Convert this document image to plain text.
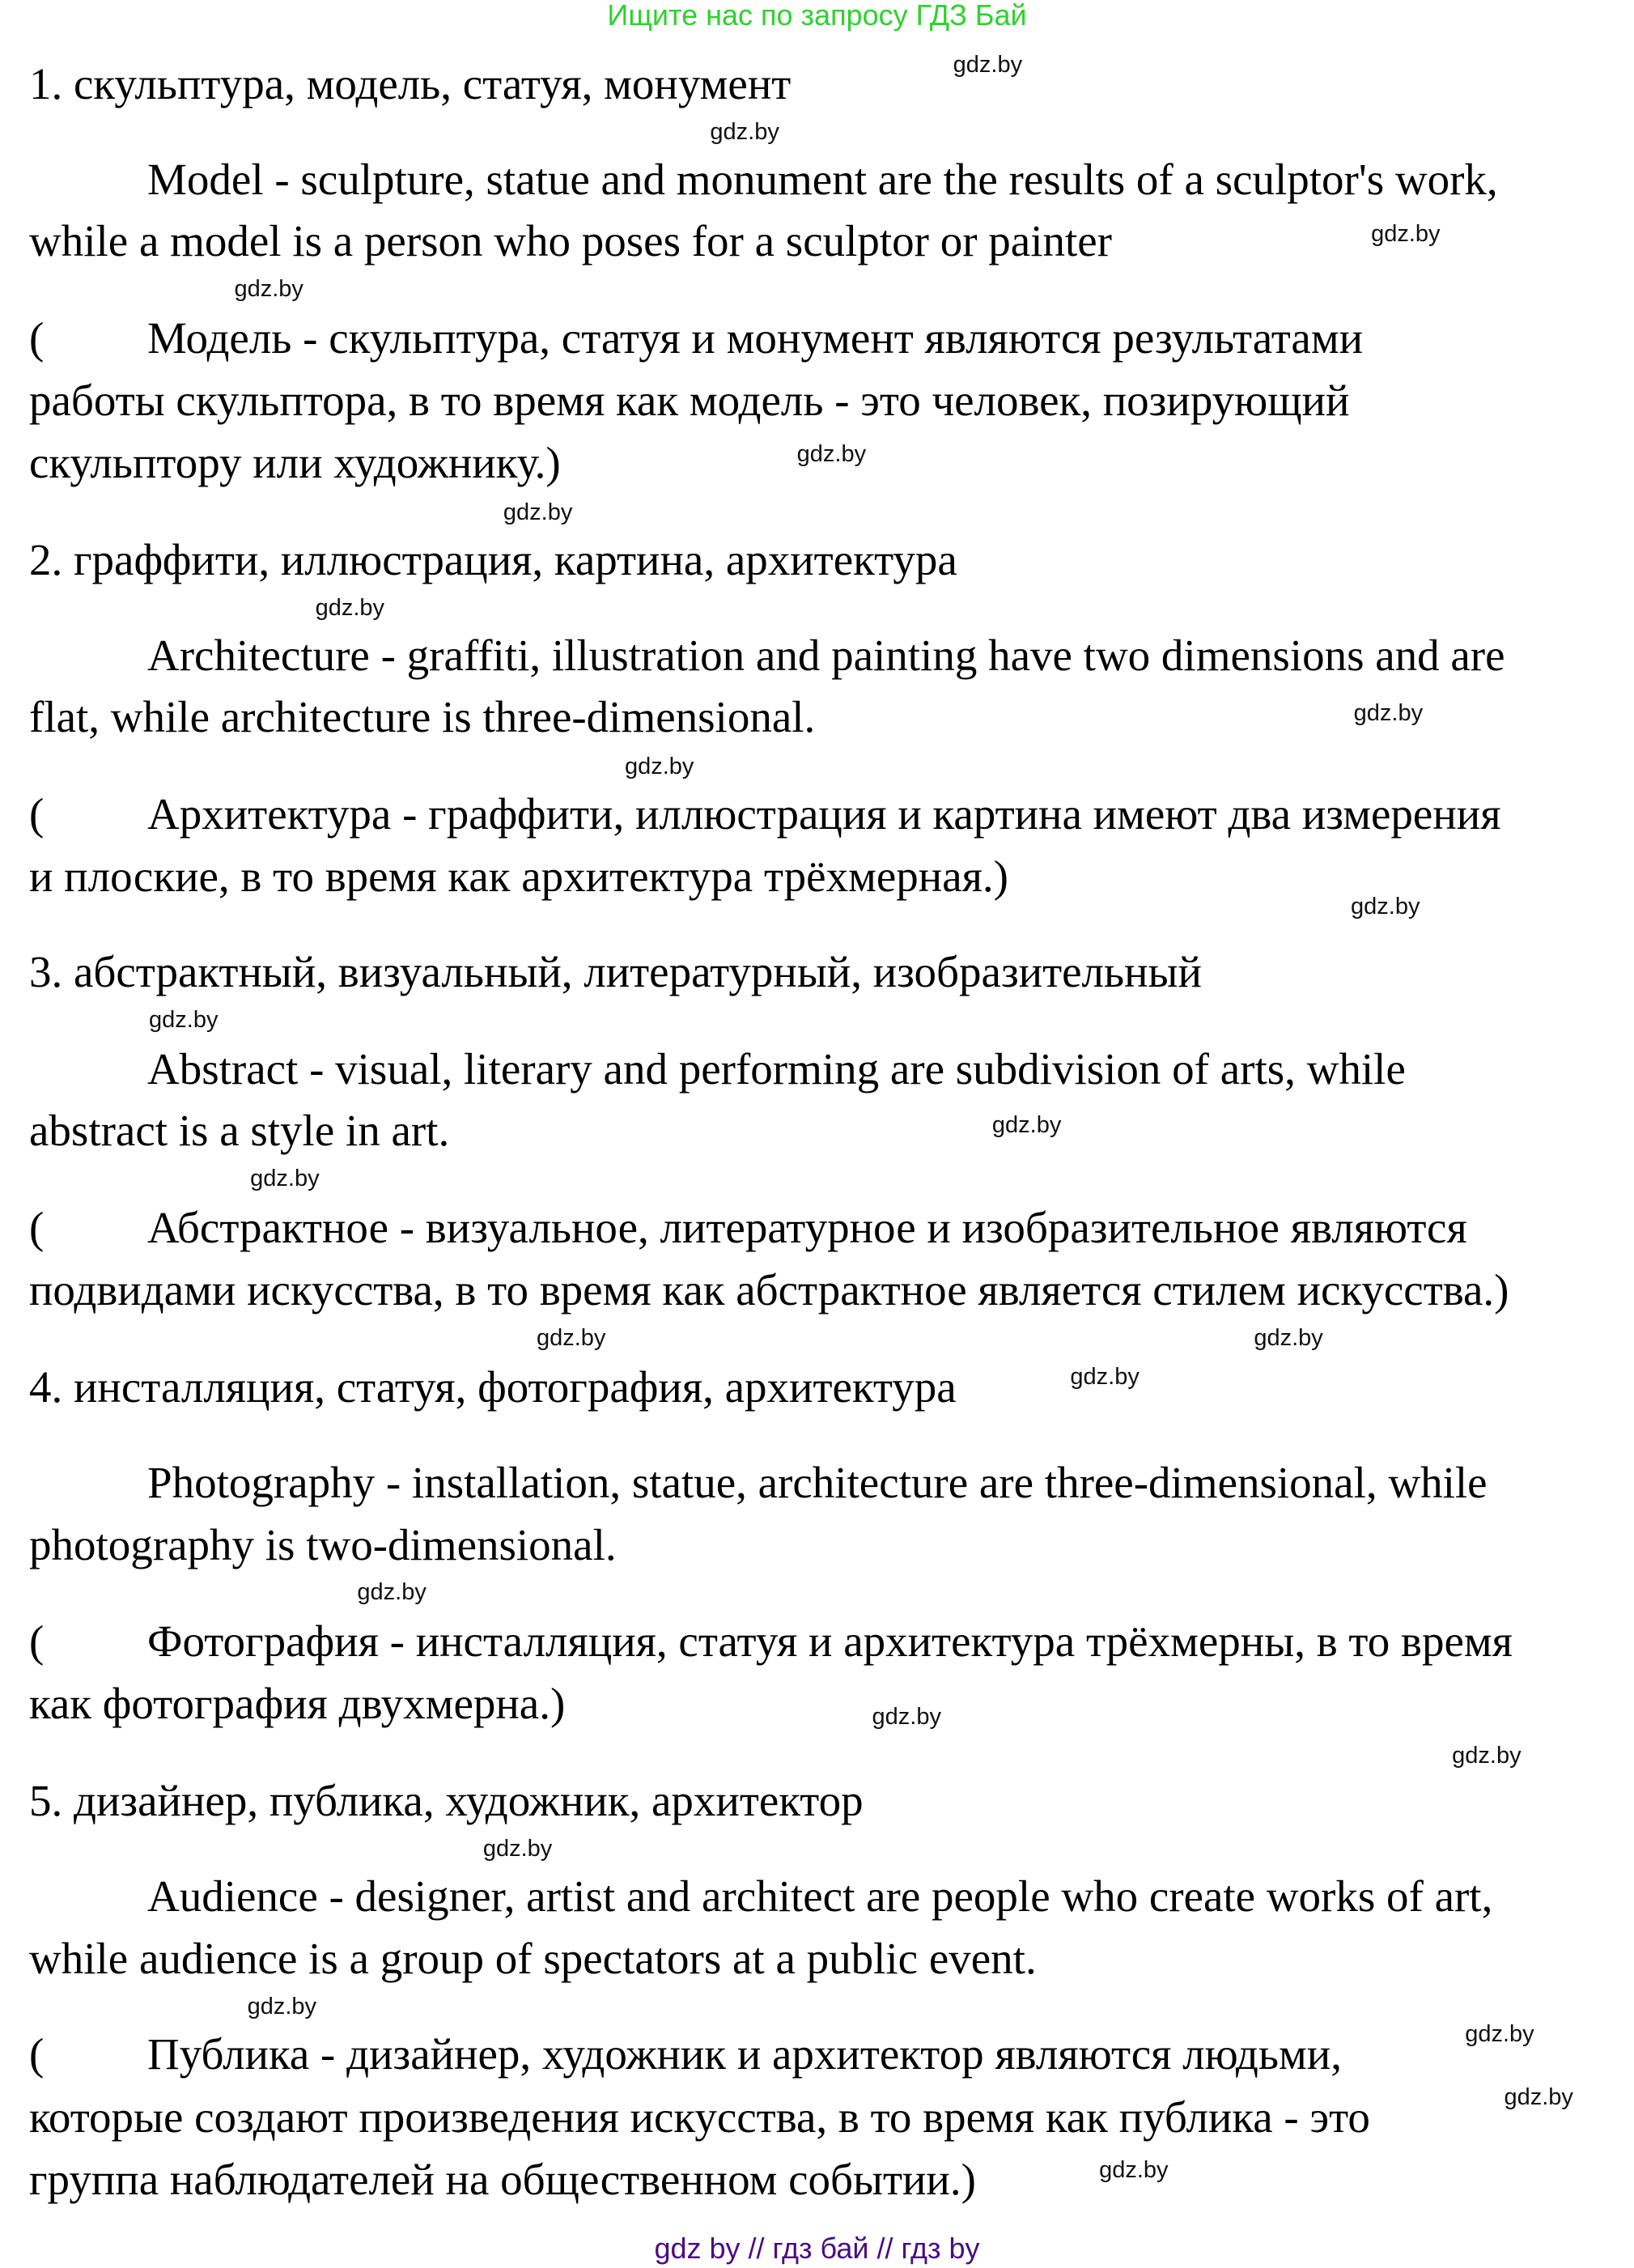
Ищите нас по запросу ГДЗ Бай
1. скульптура, модель, статуя, монумент
Model - sculpture, statue and monument are the results of a sculptor's work,
while a model is a person who poses for a sculptor or painter
( Модель - скульптура, статуя и монумент являются результатами
работы скульптора, в то время как модель - это человек, позирующий
скульптору или художнику.)
2. граффити, иллюстрация, картина, архитектура
Architecture - graffiti, illustration and painting have two dimensions and are
flat, while architecture is three-dimensional.
( Архитектура - граффити, иллюстрация и картина имеют два измерения
и плоские, в то время как архитектура трёхмерная.)
3. абстрактный, визуальный, литературный, изобразительный
Abstract - visual, literary and performing are subdivision of arts, while
abstract is a style in art.
( Абстрактное - визуальное, литературное и изобразительное являются
подвидами искусства, в то время как абстрактное является стилем искусства.)
4. инсталляция, статуя, фотография, архитектура
Photography - installation, statue, architecture are three-dimensional, while
photography is two-dimensional.
( Фотография - инсталляция, статуя и архитектура трёхмерны, в то время
как фотография двухмерна.)
5. дизайнер, публика, художник, архитектор
Audience - designer, artist and architect are people who create works of art,
while audience is a group of spectators at a public event.
( Публика - дизайнер, художник и архитектор являются людьми,
которые создают произведения искусства, в то время как публика - это
группа наблюдателей на общественном событии.)
gdz.by
gdz.by
gdz.by
gdz.by
gdz.by
gdz.by
gdz.by
gdz.by
gdz.by
gdz.by
gdz.by
gdz.by
gdz.by
gdz.by	gdz.by
gdz.by
gdz.by
gdz.by
gdz.by
gdz.by
gdz.by
gdz.by
gdz.by
gdz.by
gdz by // гдз бай // гдз by
